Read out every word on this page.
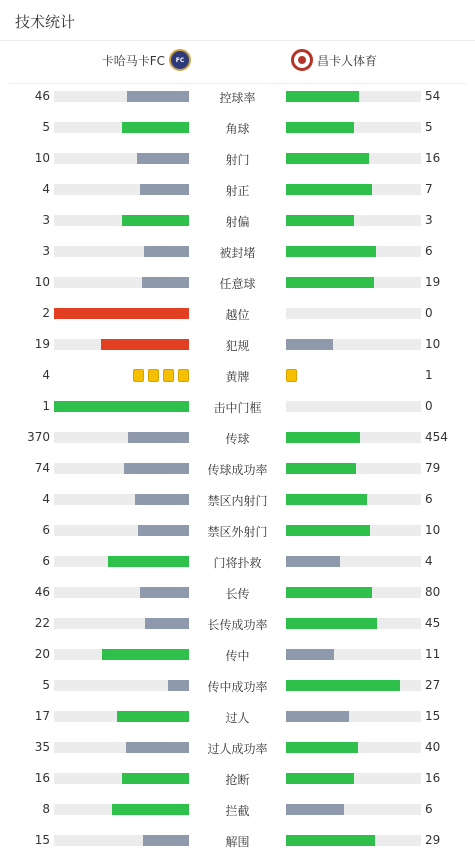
技术统计
卡哈马卡FC FC	昌卡人体育
46	控球率	54
5	角球	5
10	射门	16
4	射正	7
3	射偏	3
3	被封堵	6
10	任意球	19
2	越位	0
19	犯规	10
4	黄牌	1
1	击中门框	0
370	传球	454
74	传球成功率	79
4	禁区内射门	6
6	禁区外射门	10
6	门将扑救	4
46	长传	80
22	长传成功率	45
20	传中	11
5	传中成功率	27
17	过人	15
35	过人成功率	40
16	抢断	16
8	拦截	6
15	解围	29
